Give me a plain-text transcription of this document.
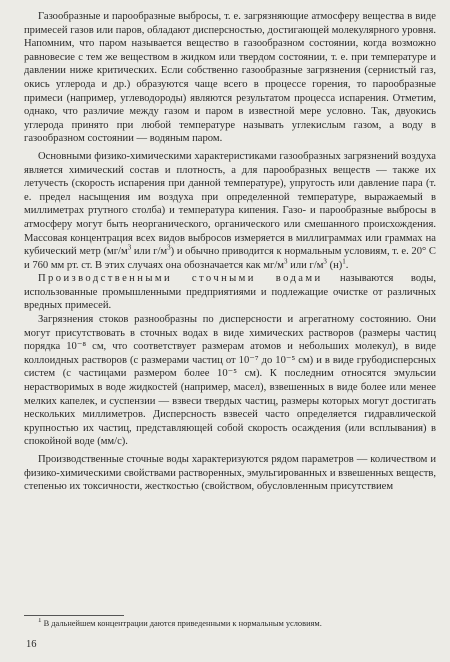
Газообразные и парообразные выбросы, т. е. загрязняющие атмосферу вещества в виде примесей газов или паров, обладают дисперсностью, достигающей молекулярного уровня. Напомним, что паром называется вещество в газообразном состоянии, когда возможно равновесие с тем же веществом в жидком или твердом состоянии, т. е. при температуре и давлении ниже критических. Если собственно газообразные загрязнения (сернистый газ, окись углерода и др.) образуются чаще всего в процессе горения, то парообразные примеси (например, углеводороды) являются результатом процесса испарения. Отметим, однако, что различие между газом и паром в известной мере условно. Так, двуокись углерода принято при любой температуре называть углекислым газом, а воду в газообразном состоянии — водяным паром.

Основными физико-химическими характеристиками газообразных загрязнений воздуха является химический состав и плотность, а для парообразных веществ — также их летучесть (скорость испарения при данной температуре), упругость или давление пара (т. е. предел насыщения им воздуха при определенной температуре, выражаемый в миллиметрах ртутного столба) и температура кипения. Газо- и парообразные выбросы в атмосферу могут быть неорганического, органического или смешанного происхождения. Массовая концентрация всех видов выбросов измеряется в миллиграммах или граммах на кубический метр ($мг/м^3$ или $г/м^3$) и обычно приводится к нормальным условиям, т. е. 20° С и 760 мм рт. ст. В этих случаях она обозначается как $мг/м^3$ или $г/м^3$ $(н)^1$.

Производственными сточными водами называются воды, использованные промышленными предприятиями и подлежащие очистке от различных вредных примесей.

Загрязнения стоков разнообразны по дисперсности и агрегатному состоянию. Они могут присутствовать в сточных водах в виде химических растворов (размеры частиц порядка 10⁻⁸ см, что соответствует размерам атомов и небольших молекул), в виде коллоидных растворов (с размерами частиц от 10⁻⁷ до 10⁻⁵ см) и в виде грубодисперсных систем (с частицами размером более 10⁻⁵ см). К последним относятся эмульсии нерастворимых в воде жидкостей (например, масел), взвешенных в виде более или менее мелких капелек, и суспензии — взвеси твердых частиц, размеры которых могут достигать нескольких миллиметров. Дисперсность взвесей часто определяется гидравлической крупностью их частиц, представляющей собой скорость осаждения (или всплывания) в спокойной воде (мм/с).

Производственные сточные воды характеризуются рядом параметров — количеством и физико-химическими свойствами растворенных, эмульгированных и взвешенных веществ, степенью их токсичности, жесткостью (свойством, обусловленным присутствием

$^1$ В дальнейшем концентрации даются приведенными к нормальным условиям.
16
